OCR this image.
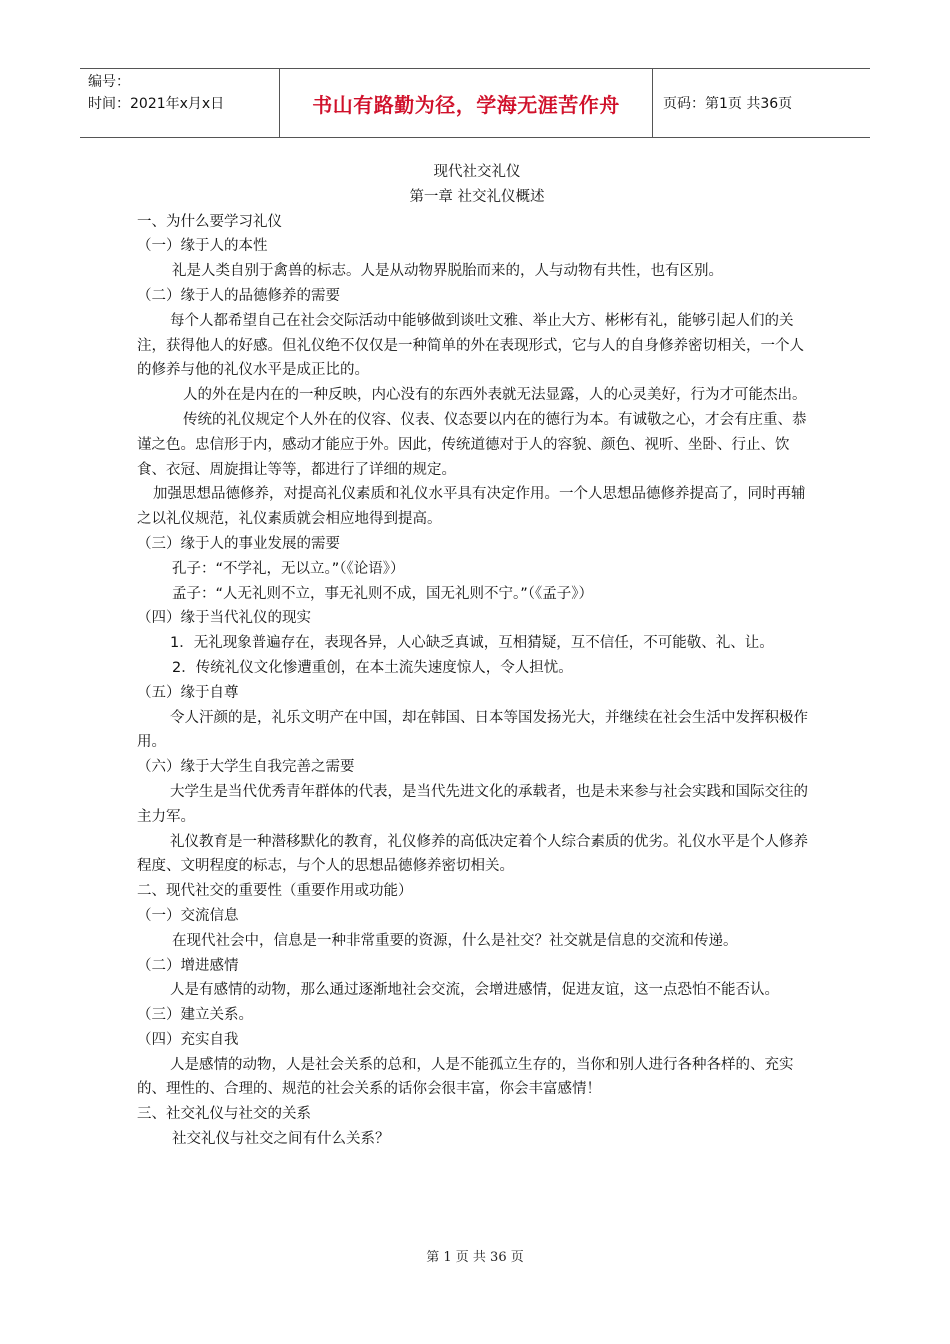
编号：
时间：2021年x月x日	书山有路勤为径，学海无涯苦作舟	页码：第1页 共36页

现代社交礼仪

第一章 社交礼仪概述

一、为什么要学习礼仪

（一）缘于人的本性

礼是人类自别于禽兽的标志。人是从动物界脱胎而来的，人与动物有共性，也有区别。

（二）缘于人的品德修养的需要

每个人都希望自己在社会交际活动中能够做到谈吐文雅、举止大方、彬彬有礼，能够引起人们的关注，获得他人的好感。但礼仪绝不仅仅是一种简单的外在表现形式，它与人的自身修养密切相关，一个人的修养与他的礼仪水平是成正比的。

人的外在是内在的一种反映，内心没有的东西外表就无法显露，人的心灵美好，行为才可能杰出。

传统的礼仪规定个人外在的仪容、仪表、仪态要以内在的德行为本。有诚敬之心，才会有庄重、恭谨之色。忠信形于内，感动才能应于外。因此，传统道德对于人的容貌、颜色、视听、坐卧、行止、饮食、衣冠、周旋揖让等等，都进行了详细的规定。

加强思想品德修养，对提高礼仪素质和礼仪水平具有决定作用。一个人思想品德修养提高了，同时再辅之以礼仪规范，礼仪素质就会相应地得到提高。

（三）缘于人的事业发展的需要

孔子：“不学礼，无以立。”（《论语》）

孟子：“人无礼则不立，事无礼则不成，国无礼则不宁。”（《孟子》）

（四）缘于当代礼仪的现实

1．无礼现象普遍存在，表现各异，人心缺乏真诚，互相猜疑，互不信任，不可能敬、礼、让。

2．传统礼仪文化惨遭重创，在本土流失速度惊人，令人担忧。

（五）缘于自尊

令人汗颜的是，礼乐文明产在中国，却在韩国、日本等国发扬光大，并继续在社会生活中发挥积极作用。

（六）缘于大学生自我完善之需要

大学生是当代优秀青年群体的代表，是当代先进文化的承载者，也是未来参与社会实践和国际交往的主力军。

礼仪教育是一种潜移默化的教育，礼仪修养的高低决定着个人综合素质的优劣。礼仪水平是个人修养程度、文明程度的标志，与个人的思想品德修养密切相关。

二、现代社交的重要性（重要作用或功能）

（一）交流信息

在现代社会中，信息是一种非常重要的资源，什么是社交？社交就是信息的交流和传递。

（二）增进感情

人是有感情的动物，那么通过逐渐地社会交流，会增进感情，促进友谊，这一点恐怕不能否认。

（三）建立关系。

（四）充实自我

人是感情的动物，人是社会关系的总和，人是不能孤立生存的，当你和别人进行各种各样的、充实的、理性的、合理的、规范的社会关系的话你会很丰富，你会丰富感情！

三、社交礼仪与社交的关系

社交礼仪与社交之间有什么关系？

第 1 页 共 36 页
